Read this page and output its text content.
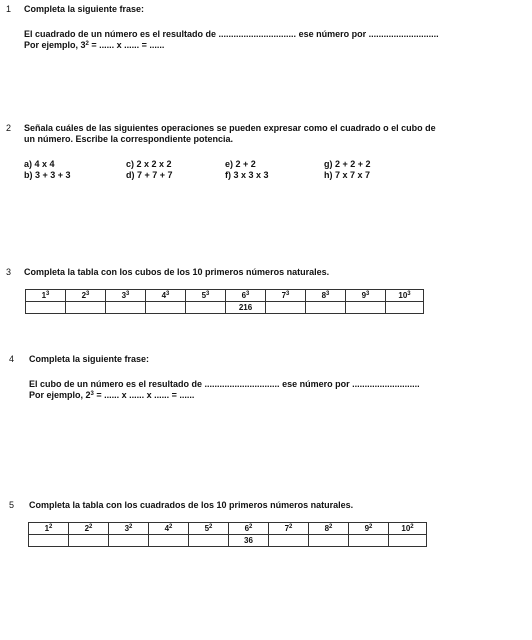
1 Completa la siguiente frase:
El cuadrado de un número es el resultado de ............................... ese número por ............................
Por ejemplo, $3^2$ = ...... x ...... = ......
2 Señala cuáles de las siguientes operaciones se pueden expresar como el cuadrado o el cubo de
un número. Escribe la correspondiente potencia.
a) 4 x 4
b) 3 + 3 + 3
c) 2 x 2 x 2
d) 7 + 7 + 7
e) 2 + 2
f) 3 x 3 x 3
g) 2 + 2 + 2
h) 7 x 7 x 7
3 Completa la tabla con los cubos de los 10 primeros números naturales.
$1^3$	$2^3$	$3^3$	$4^3$	$5^3$	$6^3$	$7^3$	$8^3$	$9^3$	$10^3$
					216				
4 Completa la siguiente frase:
El cubo de un número es el resultado de .............................. ese número por ...........................
Por ejemplo, $2^3$ = ...... x ...... x ...... = ......
5 Completa la tabla con los cuadrados de los 10 primeros números naturales.
$1^2$	$2^2$	$3^2$	$4^2$	$5^2$	$6^2$	$7^2$	$8^2$	$9^2$	$10^2$
					36				
